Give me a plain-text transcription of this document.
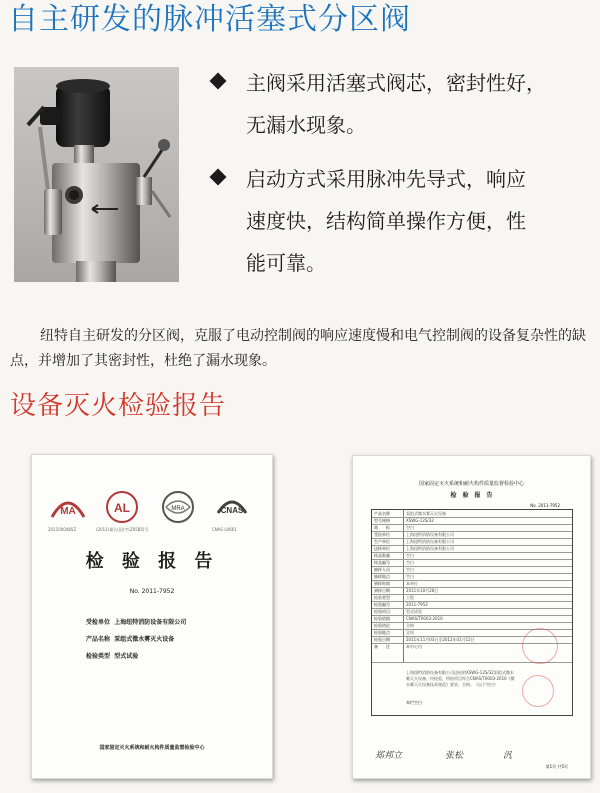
自主研发的脉冲活塞式分区阀
主阀采用活塞式阀芯，密封性好，
无漏水现象。
启动方式采用脉冲先导式，响应
速度快，结构简单操作方便，性
能可靠。
纽特自主研发的分区阀，克服了电动控制阀的响应速度慢和电气控制阀的设备复杂性的缺点，并增加了其密封性，杜绝了漏水现象。
设备灭火检验报告
MA
2011000485Z
AL
(2011)量认(国)字(Z0585)号
MRA	CNAS
CNAS L0661
检 验 报 告
No. 2011-7952
受检单位 上海纽特消防设备有限公司
产品名称 泵组式微水雾灭火设备
检验类型 型式试验
国家固定灭火系统和耐火构件质量监督检验中心
国家固定灭火系统和耐火构件质量监督检验中心
检　验　报　告
No. 2011-7952
产品名称	泵组式微水雾灭火设备
型号规格	XSWG-12S/32
商　　标	空白
受检单位	上海纽特消防设备有限公司
生产单位	上海纽特消防设备有限公司
送样单位	上海纽特消防设备有限公司
样品数量	空白
样品编号	空白
抽样人员	空白
抽样地点	空白
到样时间	本单位
到样日期	2011年10月28日
检验类型	工程
检验编号	2011-7952
检验项目	型式试验
检验依据	CNAS/T0003-2010
检验结论	合格
检验地点	全项
检验日期	2011年11月03日至2012年01月12日
备　　注	本中心内
上海纽特消防设备有限公司送检的XSWG-12S/32泵组式微水雾灭火设备，经检验，所检项目符合CNAS/T0003-2010《微水雾灭火设备技术规范》要求，合格。（以下空白）
本栏空白
郑邦立	张松	汎
第1页 共5页
